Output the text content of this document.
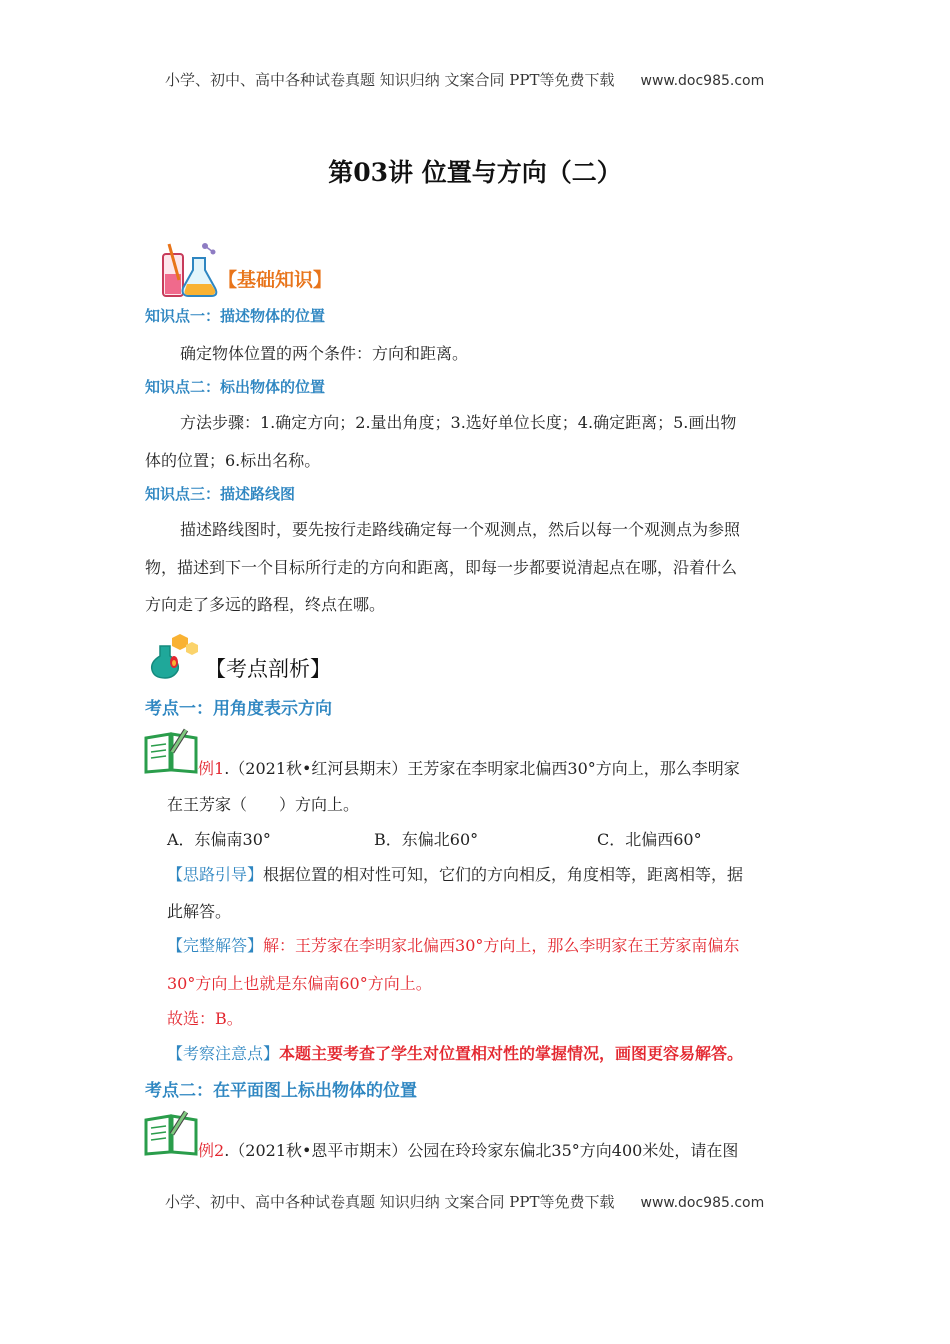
小学、初中、高中各种试卷真题 知识归纳 文案合同 PPT等免费下载 www.doc985.com
第03讲 位置与方向（二）
【基础知识】
知识点一：描述物体的位置
确定物体位置的两个条件：方向和距离。
知识点二：标出物体的位置
方法步骤：1.确定方向；2.量出角度；3.选好单位长度；4.确定距离；5.画出物
体的位置；6.标出名称。
知识点三：描述路线图
描述路线图时，要先按行走路线确定每一个观测点，然后以每一个观测点为参照
物，描述到下一个目标所行走的方向和距离，即每一步都要说清起点在哪，沿着什么
方向走了多远的路程，终点在哪。
【考点剖析】
考点一：用角度表示方向
例1.（2021秋•红河县期末）王芳家在李明家北偏西30°方向上，那么李明家
在王芳家（　　）方向上。
A．东偏南30°	B．东偏北60°	C．北偏西60°
【思路引导】根据位置的相对性可知，它们的方向相反，角度相等，距离相等，据
此解答。
【完整解答】解：王芳家在李明家北偏西30°方向上，那么李明家在王芳家南偏东
30°方向上也就是东偏南60°方向上。
故选：B。
【考察注意点】本题主要考查了学生对位置相对性的掌握情况，画图更容易解答。
考点二：在平面图上标出物体的位置
例2.（2021秋•恩平市期末）公园在玲玲家东偏北35°方向400米处，请在图
小学、初中、高中各种试卷真题 知识归纳 文案合同 PPT等免费下载 www.doc985.com
